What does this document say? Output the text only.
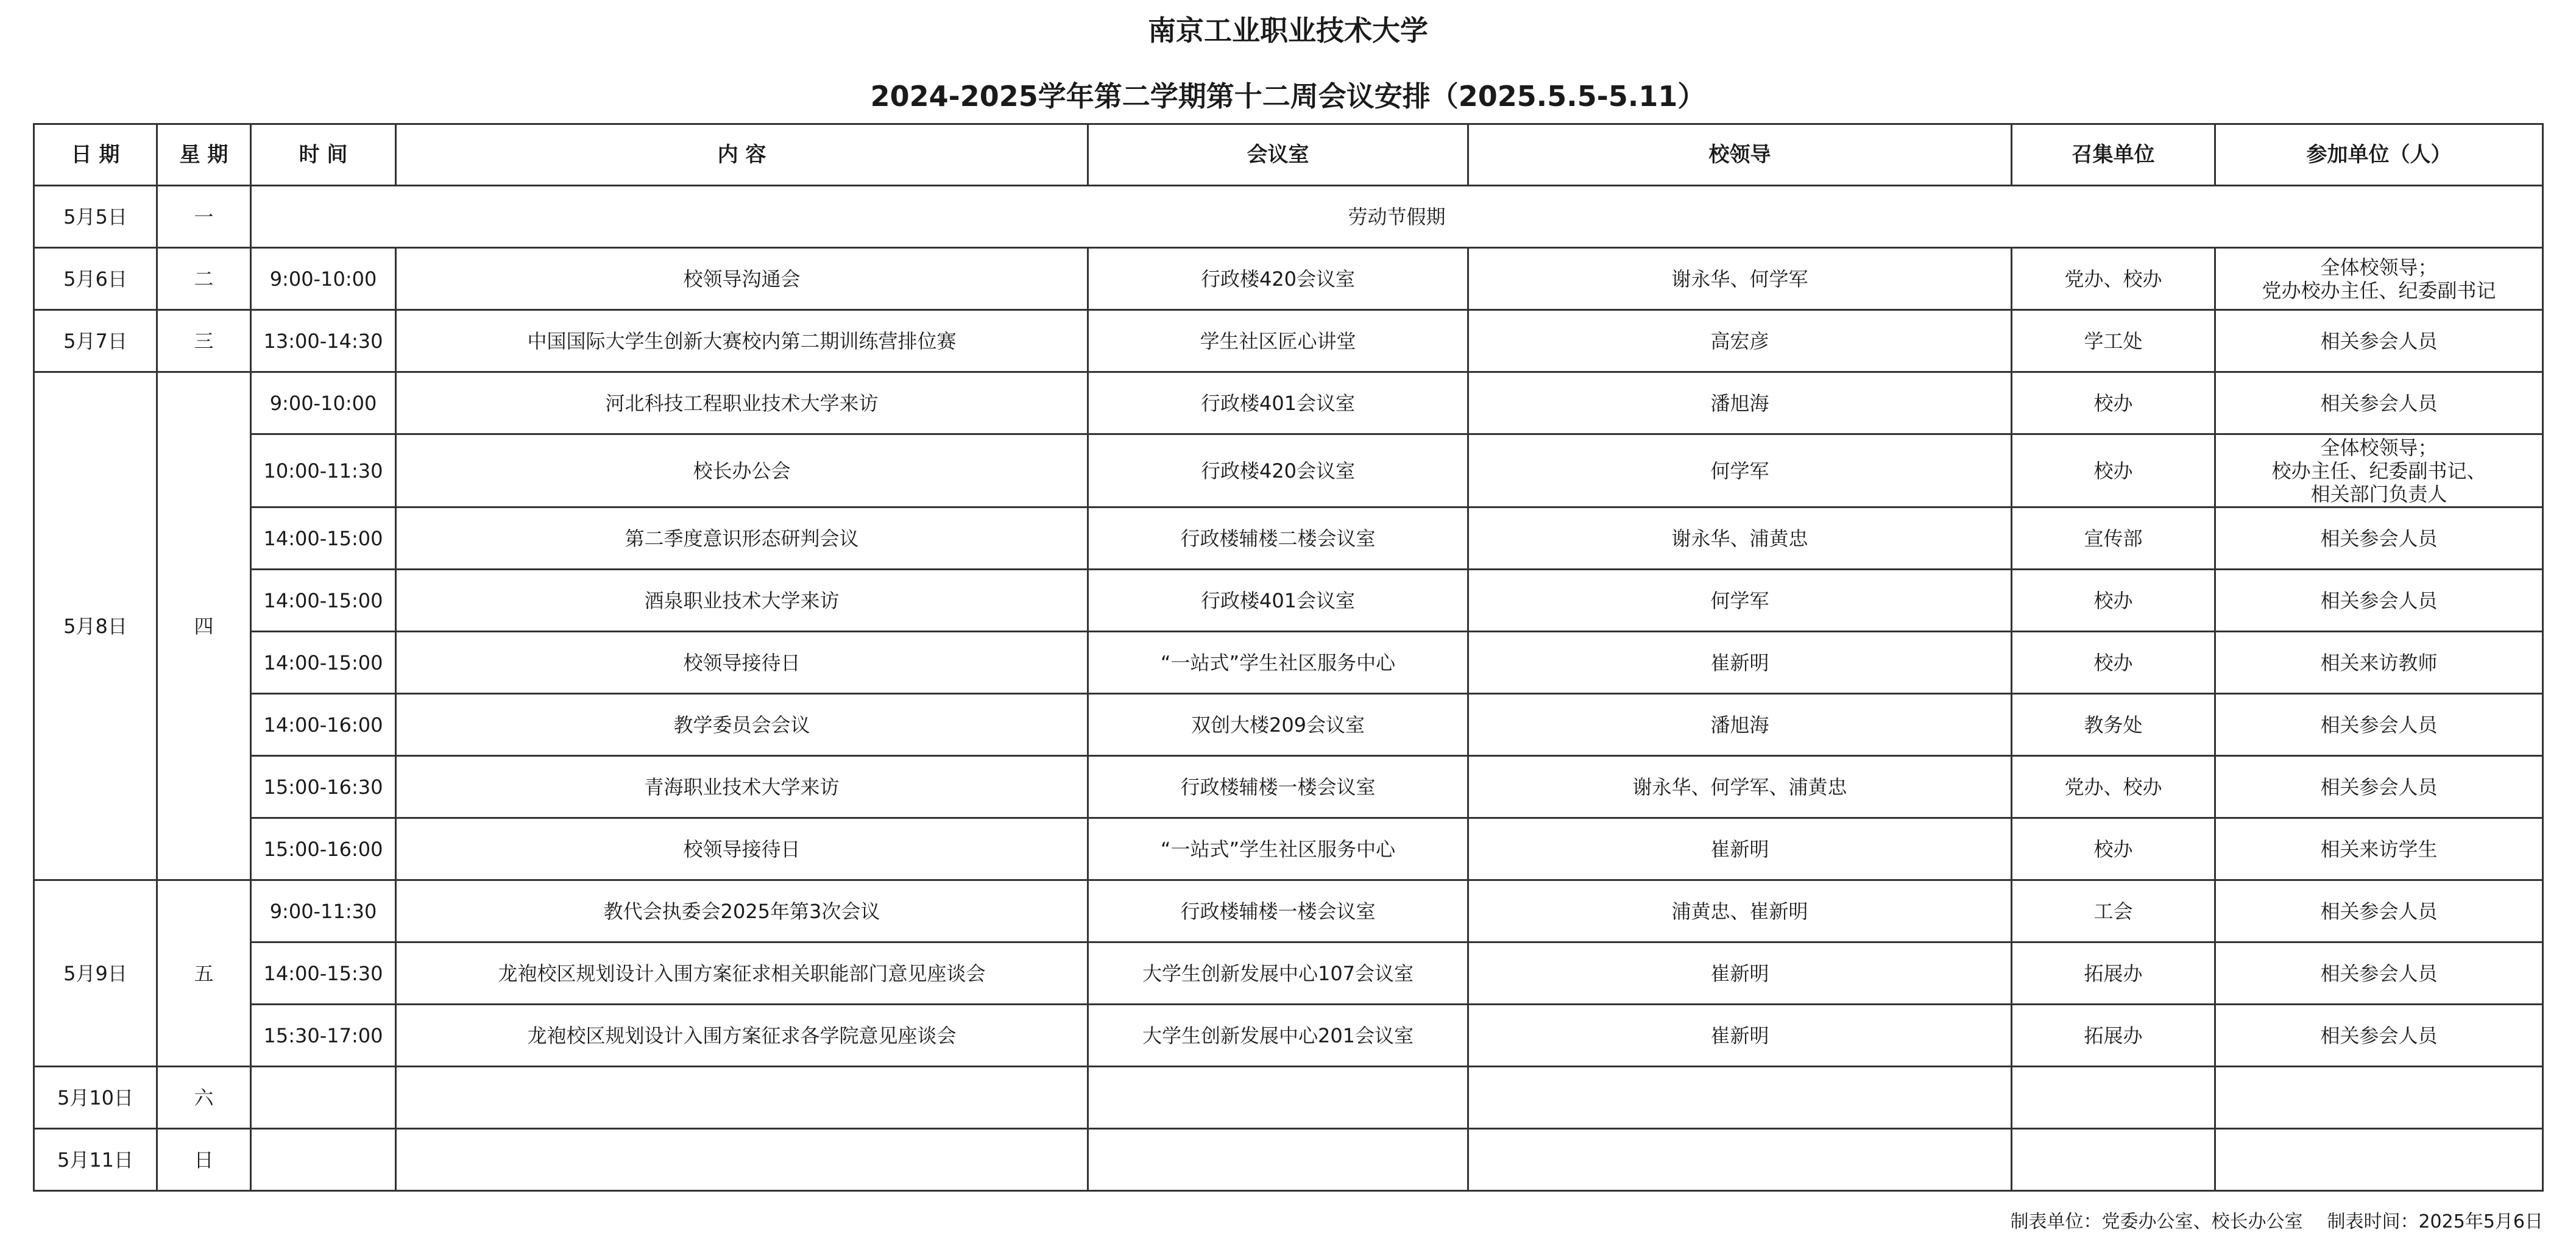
南京工业职业技术大学
2024-2025学年第二学期第十二周会议安排（2025.5.5-5.11）
日 期	星 期	时 间	内 容	会议室	校领导	召集单位	参加单位（人）
5月5日	一	劳动节假期					
5月6日	二	9:00-10:00	校领导沟通会	行政楼420会议室	谢永华、何学军	党办、校办	全体校领导；
党办校办主任、纪委副书记

5月7日	三	13:00-14:30	中国国际大学生创新大赛校内第二期训练营排位赛	学生社区匠心讲堂	高宏彦	学工处	相关参会人员
5月8日	四	9:00-10:00	河北科技工程职业技术大学来访	行政楼401会议室	潘旭海	校办	相关参会人员
		10:00-11:30	校长办公会	行政楼420会议室	何学军	校办	全体校领导；
校办主任、纪委副书记、
相关部门负责人

		14:00-15:00	第二季度意识形态研判会议	行政楼辅楼二楼会议室	谢永华、浦黄忠	宣传部	相关参会人员
		14:00-15:00	酒泉职业技术大学来访	行政楼401会议室	何学军	校办	相关参会人员
		14:00-15:00	校领导接待日	“一站式”学生社区服务中心	崔新明	校办	相关来访教师
		14:00-16:00	教学委员会会议	双创大楼209会议室	潘旭海	教务处	相关参会人员
		15:00-16:30	青海职业技术大学来访	行政楼辅楼一楼会议室	谢永华、何学军、浦黄忠	党办、校办	相关参会人员
		15:00-16:00	校领导接待日	“一站式”学生社区服务中心	崔新明	校办	相关来访学生
5月9日	五	9:00-11:30	教代会执委会2025年第3次会议	行政楼辅楼一楼会议室	浦黄忠、崔新明	工会	相关参会人员
		14:00-15:30	龙袍校区规划设计入围方案征求相关职能部门意见座谈会	大学生创新发展中心107会议室	崔新明	拓展办	相关参会人员
		15:30-17:00	龙袍校区规划设计入围方案征求各学院意见座谈会	大学生创新发展中心201会议室	崔新明	拓展办	相关参会人员
5月10日	六						
5月11日	日						
制表单位：党委办公室、校长办公室 制表时间：2025年5月6日
